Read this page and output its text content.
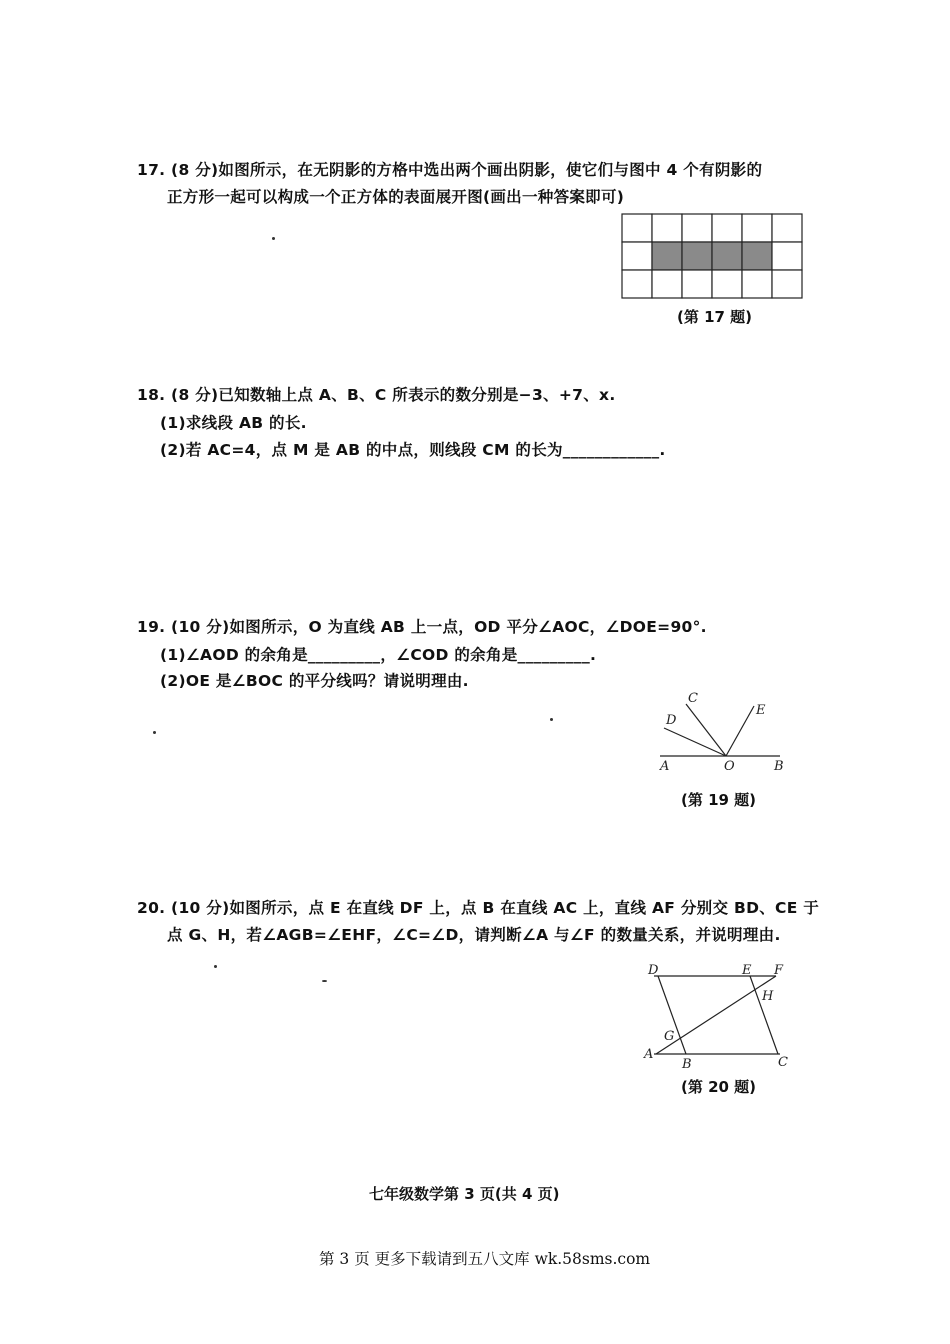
17. (8 分)如图所示，在无阴影的方格中选出两个画出阴影，使它们与图中 4 个有阴影的
正方形一起可以构成一个正方体的表面展开图(画出一种答案即可)
(第 17 题)
18. (8 分)已知数轴上点 A、B、C 所表示的数分别是−3、+7、x.
(1)求线段 AB 的长.
(2)若 AC=4，点 M 是 AB 的中点，则线段 CM 的长为____________.
19. (10 分)如图所示，O 为直线 AB 上一点，OD 平分∠AOC，∠DOE=90°.
(1)∠AOD 的余角是_________，∠COD 的余角是_________.
(2)OE 是∠BOC 的平分线吗？请说明理由.
A	O	B
C
D
E
(第 19 题)
20. (10 分)如图所示，点 E 在直线 DF 上，点 B 在直线 AC 上，直线 AF 分别交 BD、CE 于
点 G、H，若∠AGB=∠EHF，∠C=∠D，请判断∠A 与∠F 的数量关系，并说明理由.
D	E F
H
G
A
B	C
(第 20 题)
七年级数学第 3 页(共 4 页)
第 3 页 更多下载请到五八文库 wk.58sms.com
